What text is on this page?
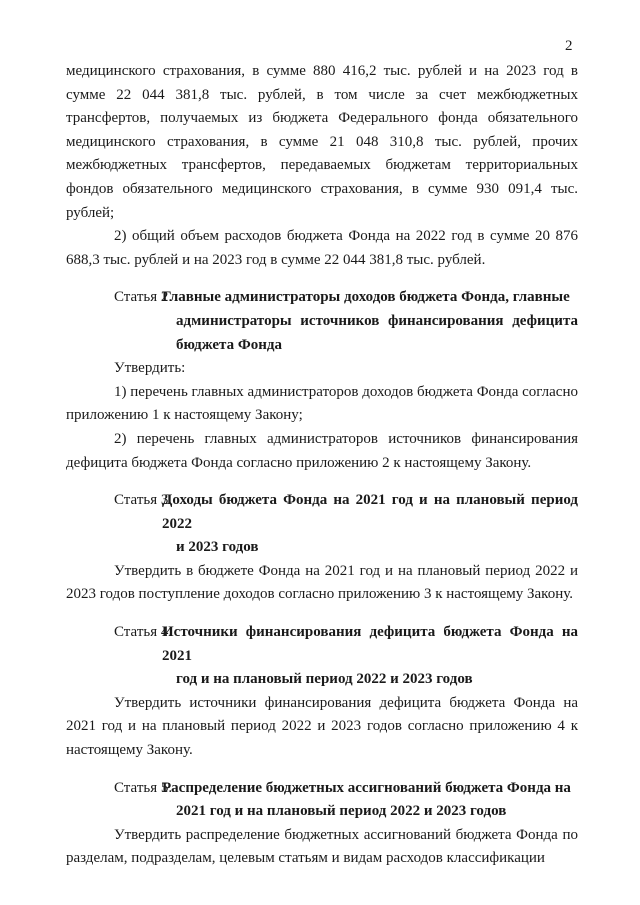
2

медицинского страхования, в сумме 880 416,2 тыс. рублей и на 2023 год в сумме 22 044 381,8 тыс. рублей, в том числе за счет межбюджетных трансфертов, получаемых из бюджета Федерального фонда обязательного медицинского страхования, в сумме 21 048 310,8 тыс. рублей, прочих межбюджетных трансфертов, передаваемых бюджетам территориальных фондов обязательного медицинского страхования, в сумме 930 091,4 тыс. рублей;

2) общий объем расходов бюджета Фонда на 2022 год в сумме 20 876 688,3 тыс. рублей и на 2023 год в сумме 22 044 381,8 тыс. рублей.

Статья 2.
Главные администраторы доходов бюджета Фонда, главные

администраторы источников финансирования дефицита бюджета Фонда

Утвердить:

1) перечень главных администраторов доходов бюджета Фонда согласно приложению 1 к настоящему Закону;

2) перечень главных администраторов источников финансирования дефицита бюджета Фонда согласно приложению 2 к настоящему Закону.

Статья 3.
Доходы бюджета Фонда на 2021 год и на плановый период 2022

и 2023 годов

Утвердить в бюджете Фонда на 2021 год и на плановый период 2022 и 2023 годов поступление доходов согласно приложению 3 к настоящему Закону.

Статья 4.
Источники финансирования дефицита бюджета Фонда на 2021

год и на плановый период 2022 и 2023 годов

Утвердить источники финансирования дефицита бюджета Фонда на 2021 год и на плановый период 2022 и 2023 годов согласно приложению 4 к настоящему Закону.

Статья 5.
Распределение бюджетных ассигнований бюджета Фонда на

2021 год и на плановый период 2022 и 2023 годов

Утвердить распределение бюджетных ассигнований бюджета Фонда по разделам, подразделам, целевым статьям и видам расходов классификации
